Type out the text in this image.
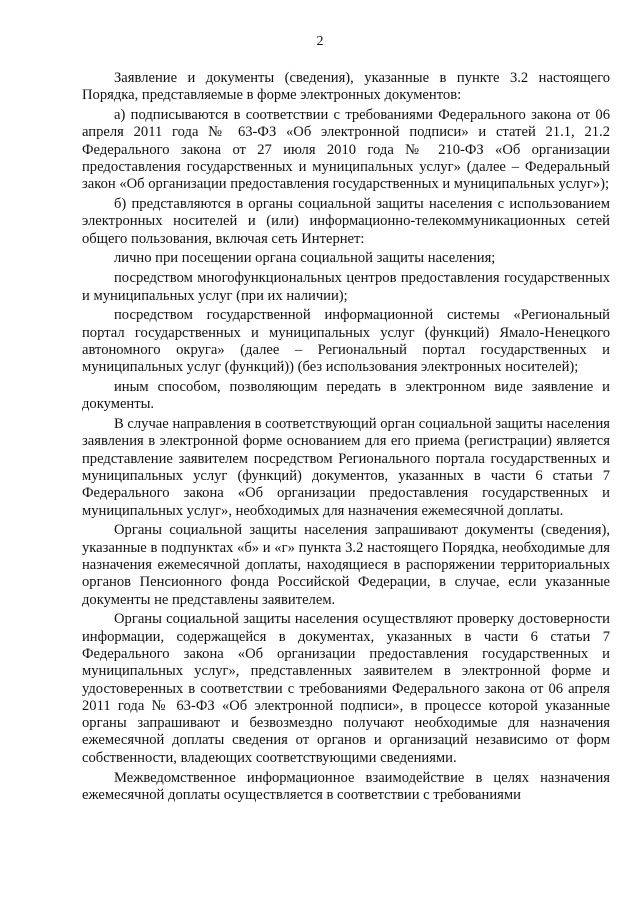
2

Заявление и документы (сведения), указанные в пункте 3.2 настоящего Порядка, представляемые в форме электронных документов:

а) подписываются в соответствии с требованиями Федерального закона от 06 апреля 2011 года № 63-ФЗ «Об электронной подписи» и статей 21.1, 21.2 Федерального закона от 27 июля 2010 года № 210-ФЗ «Об организации предоставления государственных и муниципальных услуг» (далее – Федеральный закон «Об организации предоставления государственных и муниципальных услуг»);

б) представляются в органы социальной защиты населения с использованием электронных носителей и (или) информационно-телекоммуникационных сетей общего пользования, включая сеть Интернет:

лично при посещении органа социальной защиты населения;

посредством многофункциональных центров предоставления государственных и муниципальных услуг (при их наличии);

посредством государственной информационной системы «Региональный портал государственных и муниципальных услуг (функций) Ямало-Ненецкого автономного округа» (далее – Региональный портал государственных и муниципальных услуг (функций)) (без использования электронных носителей);

иным способом, позволяющим передать в электронном виде заявление и документы.

В случае направления в соответствующий орган социальной защиты населения заявления в электронной форме основанием для его приема (регистрации) является представление заявителем посредством Регионального портала государственных и муниципальных услуг (функций) документов, указанных в части 6 статьи 7 Федерального закона «Об организации предоставления государственных и муниципальных услуг», необходимых для назначения ежемесячной доплаты.

Органы социальной защиты населения запрашивают документы (сведения), указанные в подпунктах «б» и «г» пункта 3.2 настоящего Порядка, необходимые для назначения ежемесячной доплаты, находящиеся в распоряжении территориальных органов Пенсионного фонда Российской Федерации, в случае, если указанные документы не представлены заявителем.

Органы социальной защиты населения осуществляют проверку достоверности информации, содержащейся в документах, указанных в части 6 статьи 7 Федерального закона «Об организации предоставления государственных и муниципальных услуг», представленных заявителем в электронной форме и удостоверенных в соответствии с требованиями Федерального закона от 06 апреля 2011 года № 63-ФЗ «Об электронной подписи», в процессе которой указанные органы запрашивают и безвозмездно получают необходимые для назначения ежемесячной доплаты сведения от органов и организаций независимо от форм собственности, владеющих соответствующими сведениями.

Межведомственное информационное взаимодействие в целях назначения ежемесячной доплаты осуществляется в соответствии с требованиями
